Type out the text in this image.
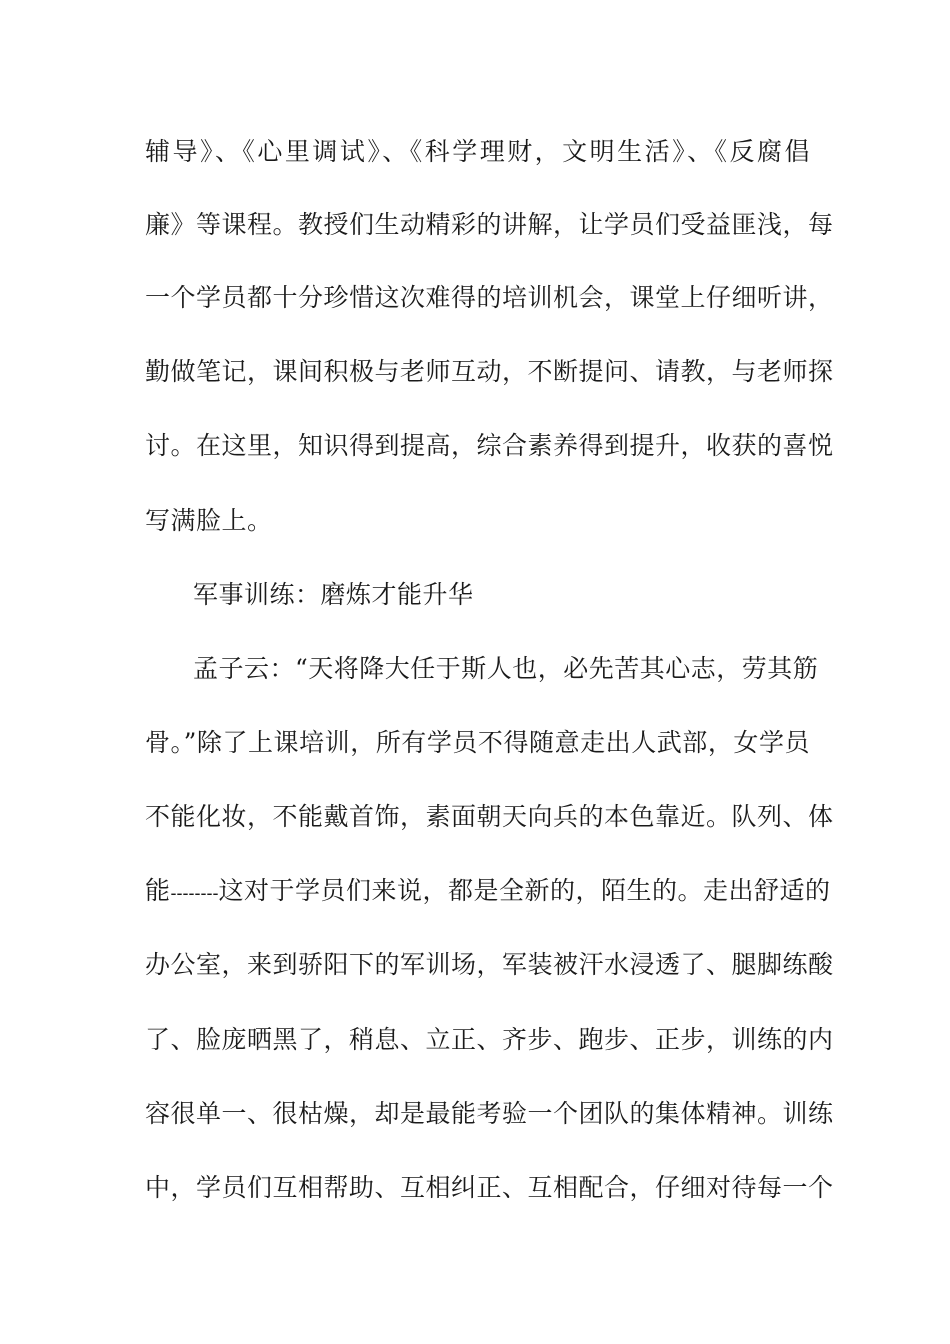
辅导》、《心里调试》、《科学理财，文明生活》、《反腐倡
廉》等课程。教授们生动精彩的讲解，让学员们受益匪浅，每
一个学员都十分珍惜这次难得的培训机会，课堂上仔细听讲，
勤做笔记，课间积极与老师互动，不断提问、请教，与老师探
讨。在这里，知识得到提高，综合素养得到提升，收获的喜悦
写满脸上。
军事训练：磨炼才能升华
孟子云：“天将降大任于斯人也，必先苦其心志，劳其筋
骨。”除了上课培训，所有学员不得随意走出人武部，女学员
不能化妆，不能戴首饰，素面朝天向兵的本色靠近。队列、体
能--------这对于学员们来说，都是全新的，陌生的。走出舒适的
办公室，来到骄阳下的军训场，军装被汗水浸透了、腿脚练酸
了、脸庞晒黑了，稍息、立正、齐步、跑步、正步，训练的内
容很单一、很枯燥，却是最能考验一个团队的集体精神。训练
中，学员们互相帮助、互相纠正、互相配合，仔细对待每一个
